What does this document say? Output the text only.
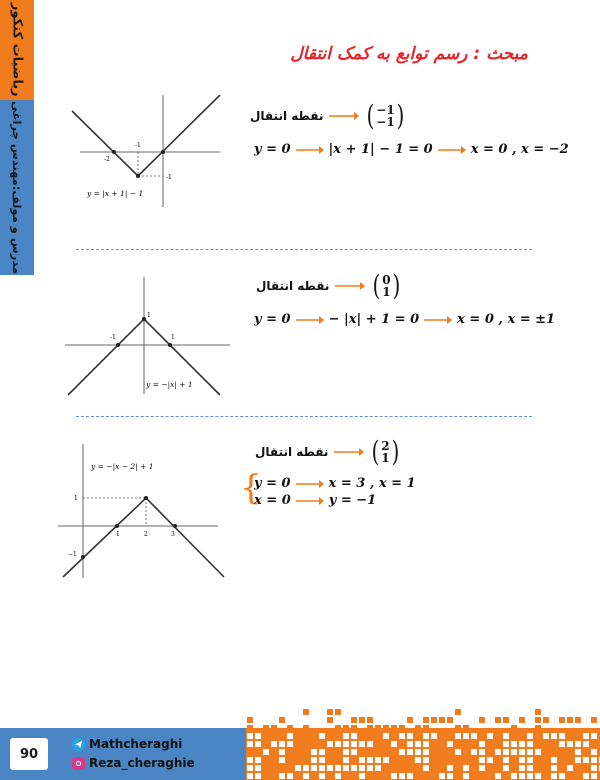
ریاضیات کنکور
مدرس و مولف:مهندس چراغی
مبحث : رسم توابع به کمک انتقال
-2
-1
-1
y = |x + 1| − 1
نقطه انتقال ( −1
−1 )
y = 0	|x + 1| − 1 = 0	x = 0 , x = −2
-1
1
1
y = −|x| + 1
نقطه انتقال ( 0
1 )
y = 0	− |x| + 1 = 0	x = 0 , x = ±1
1
−1
1	2	3
y = −|x − 2| + 1
نقطه انتقال ( 2
1 )
{
y = 0	x = 3 , x = 1
x = 0	y = −1
90
Mathcheraghi
Reza_cheraghie
